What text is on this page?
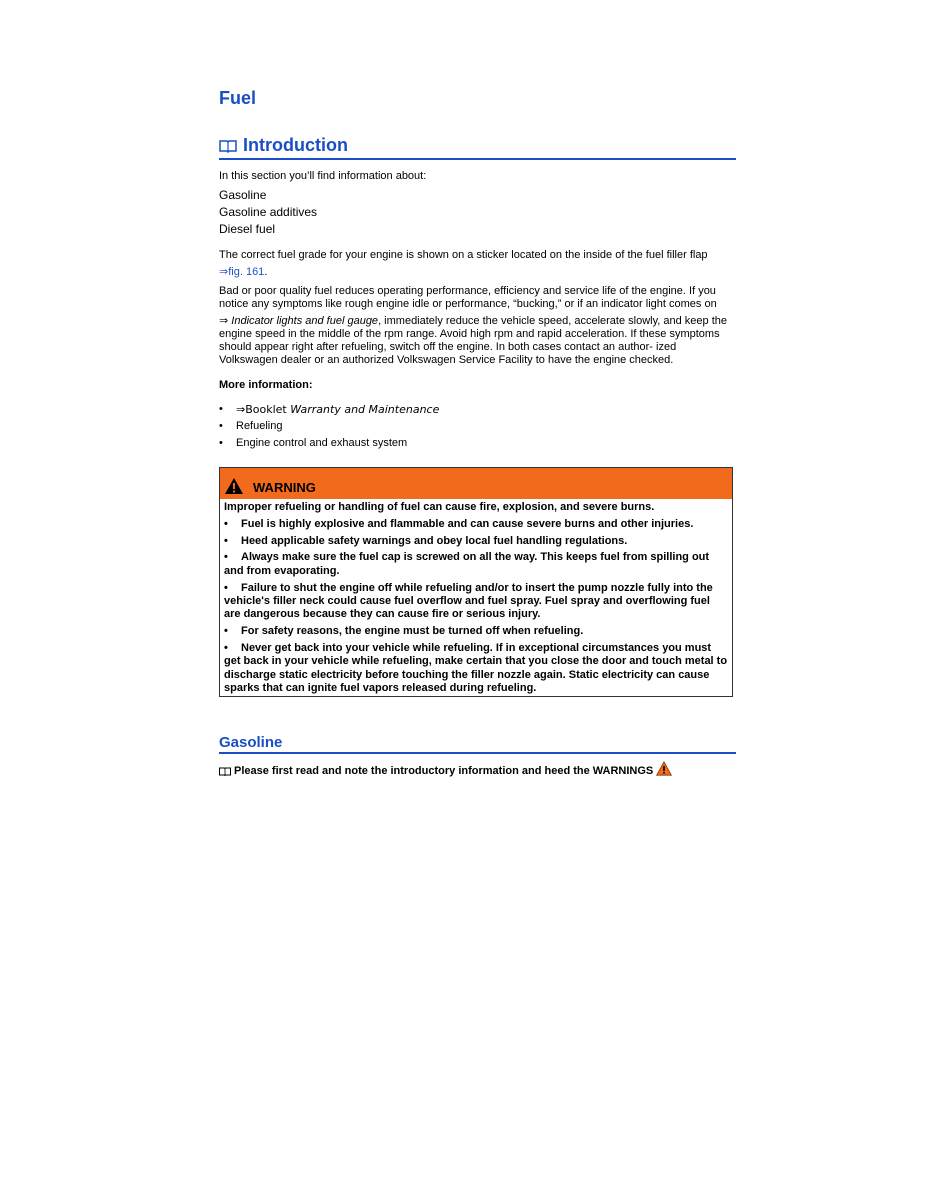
Fuel
Introduction
In this section you’ll find information about:
Gasoline
Gasoline additives
Diesel fuel
The correct fuel grade for your engine is shown on a sticker located on the inside of the fuel filler flap
⇒fig. 161.
Bad or poor quality fuel reduces operating performance, efficiency and service life of the engine. If you
notice any symptoms like rough engine idle or performance, “bucking,” or if an indicator light comes on
⇒ Indicator lights and fuel gauge, immediately reduce the vehicle speed, accelerate slowly, and keep the engine speed in the middle of the rpm range. Avoid high rpm and rapid acceleration. If these symptoms should appear right after refueling, switch off the engine. In both cases contact an author- ized Volkswagen dealer or an authorized Volkswagen Service Facility to have the engine checked.
More information:
•	⇒Booklet Warranty and Maintenance
•	Refueling
•	Engine control and exhaust system
WARNING

Improper refueling or handling of fuel can cause fire, explosion, and severe burns.

• Fuel is highly explosive and flammable and can cause severe burns and other injuries.

• Heed applicable safety warnings and obey local fuel handling regulations.

• Always make sure the fuel cap is screwed on all the way. This keeps fuel from spilling out and from evaporating.

• Failure to shut the engine off while refueling and/or to insert the pump nozzle fully into the vehicle's filler neck could cause fuel overflow and fuel spray. Fuel spray and overflowing fuel are dangerous because they can cause fire or serious injury.

• For safety reasons, the engine must be turned off when refueling.

• Never get back into your vehicle while refueling. If in exceptional circumstances you must get back in your vehicle while refueling, make certain that you close the door and touch metal to discharge static electricity before touching the filler nozzle again. Static electricity can cause sparks that can ignite fuel vapors released during refueling.

Gasoline
Please first read and note the introductory information and heed the WARNINGS
